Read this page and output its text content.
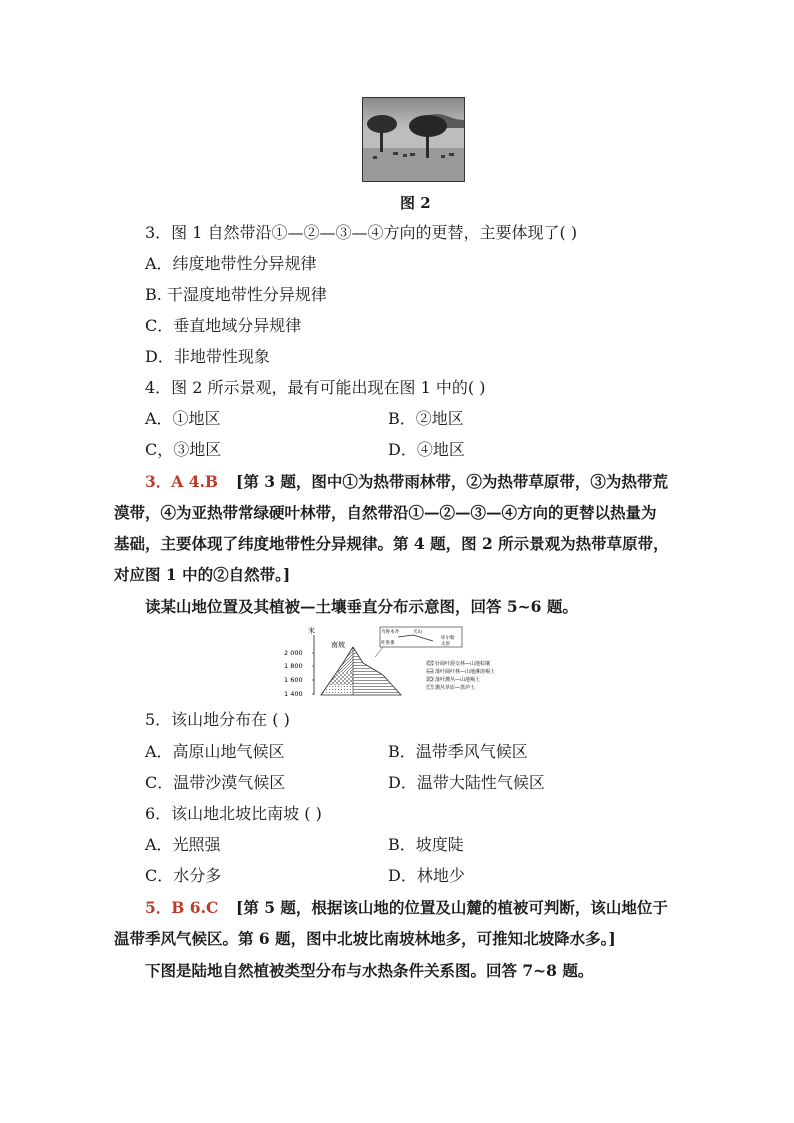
图 2
3．图 1 自然带沿①—②—③—④方向的更替，主要体现了( )
A．纬度地带性分异规律
B. 干湿度地带性分异规律
C．垂直地域分异规律
D．非地带性现象
4．图 2 所示景观，最有可能出现在图 1 中的( )
A．①地区	B．②地区
C，③地区	D．④地区
3．A 4.B [第 3 题，图中①为热带雨林带，②为热带草原带，③为热带荒
漠带，④为亚热带常绿硬叶林带，自然带沿①—②—③—④方向的更替以热量为
基础，主要体现了纬度地带性分异规律。第 4 题，图 2 所示景观为热带草原带，
对应图 1 中的②自然带。]
读某山地位置及其植被—土壤垂直分布示意图，回答 5~6 题。
米
2 000
1 800
1 600
1 400
南坡
乌鲁木齐	天山
库尔勒
吐鲁番	太原
针阔叶混交林—山地棕壤
落叶阔叶林—山地淋溶褐土
落叶灌丛—山地褐土
灌丛草原—黑垆土
5．该山地分布在 ( )
A．高原山地气候区	B．温带季风气候区
C．温带沙漠气候区	D．温带大陆性气候区
6．该山地北坡比南坡 ( )
A．光照强	B．坡度陡
C．水分多	D．林地少
5．B 6.C [第 5 题，根据该山地的位置及山麓的植被可判断，该山地位于
温带季风气候区。第 6 题，图中北坡比南坡林地多，可推知北坡降水多。]
下图是陆地自然植被类型分布与水热条件关系图。回答 7~8 题。
